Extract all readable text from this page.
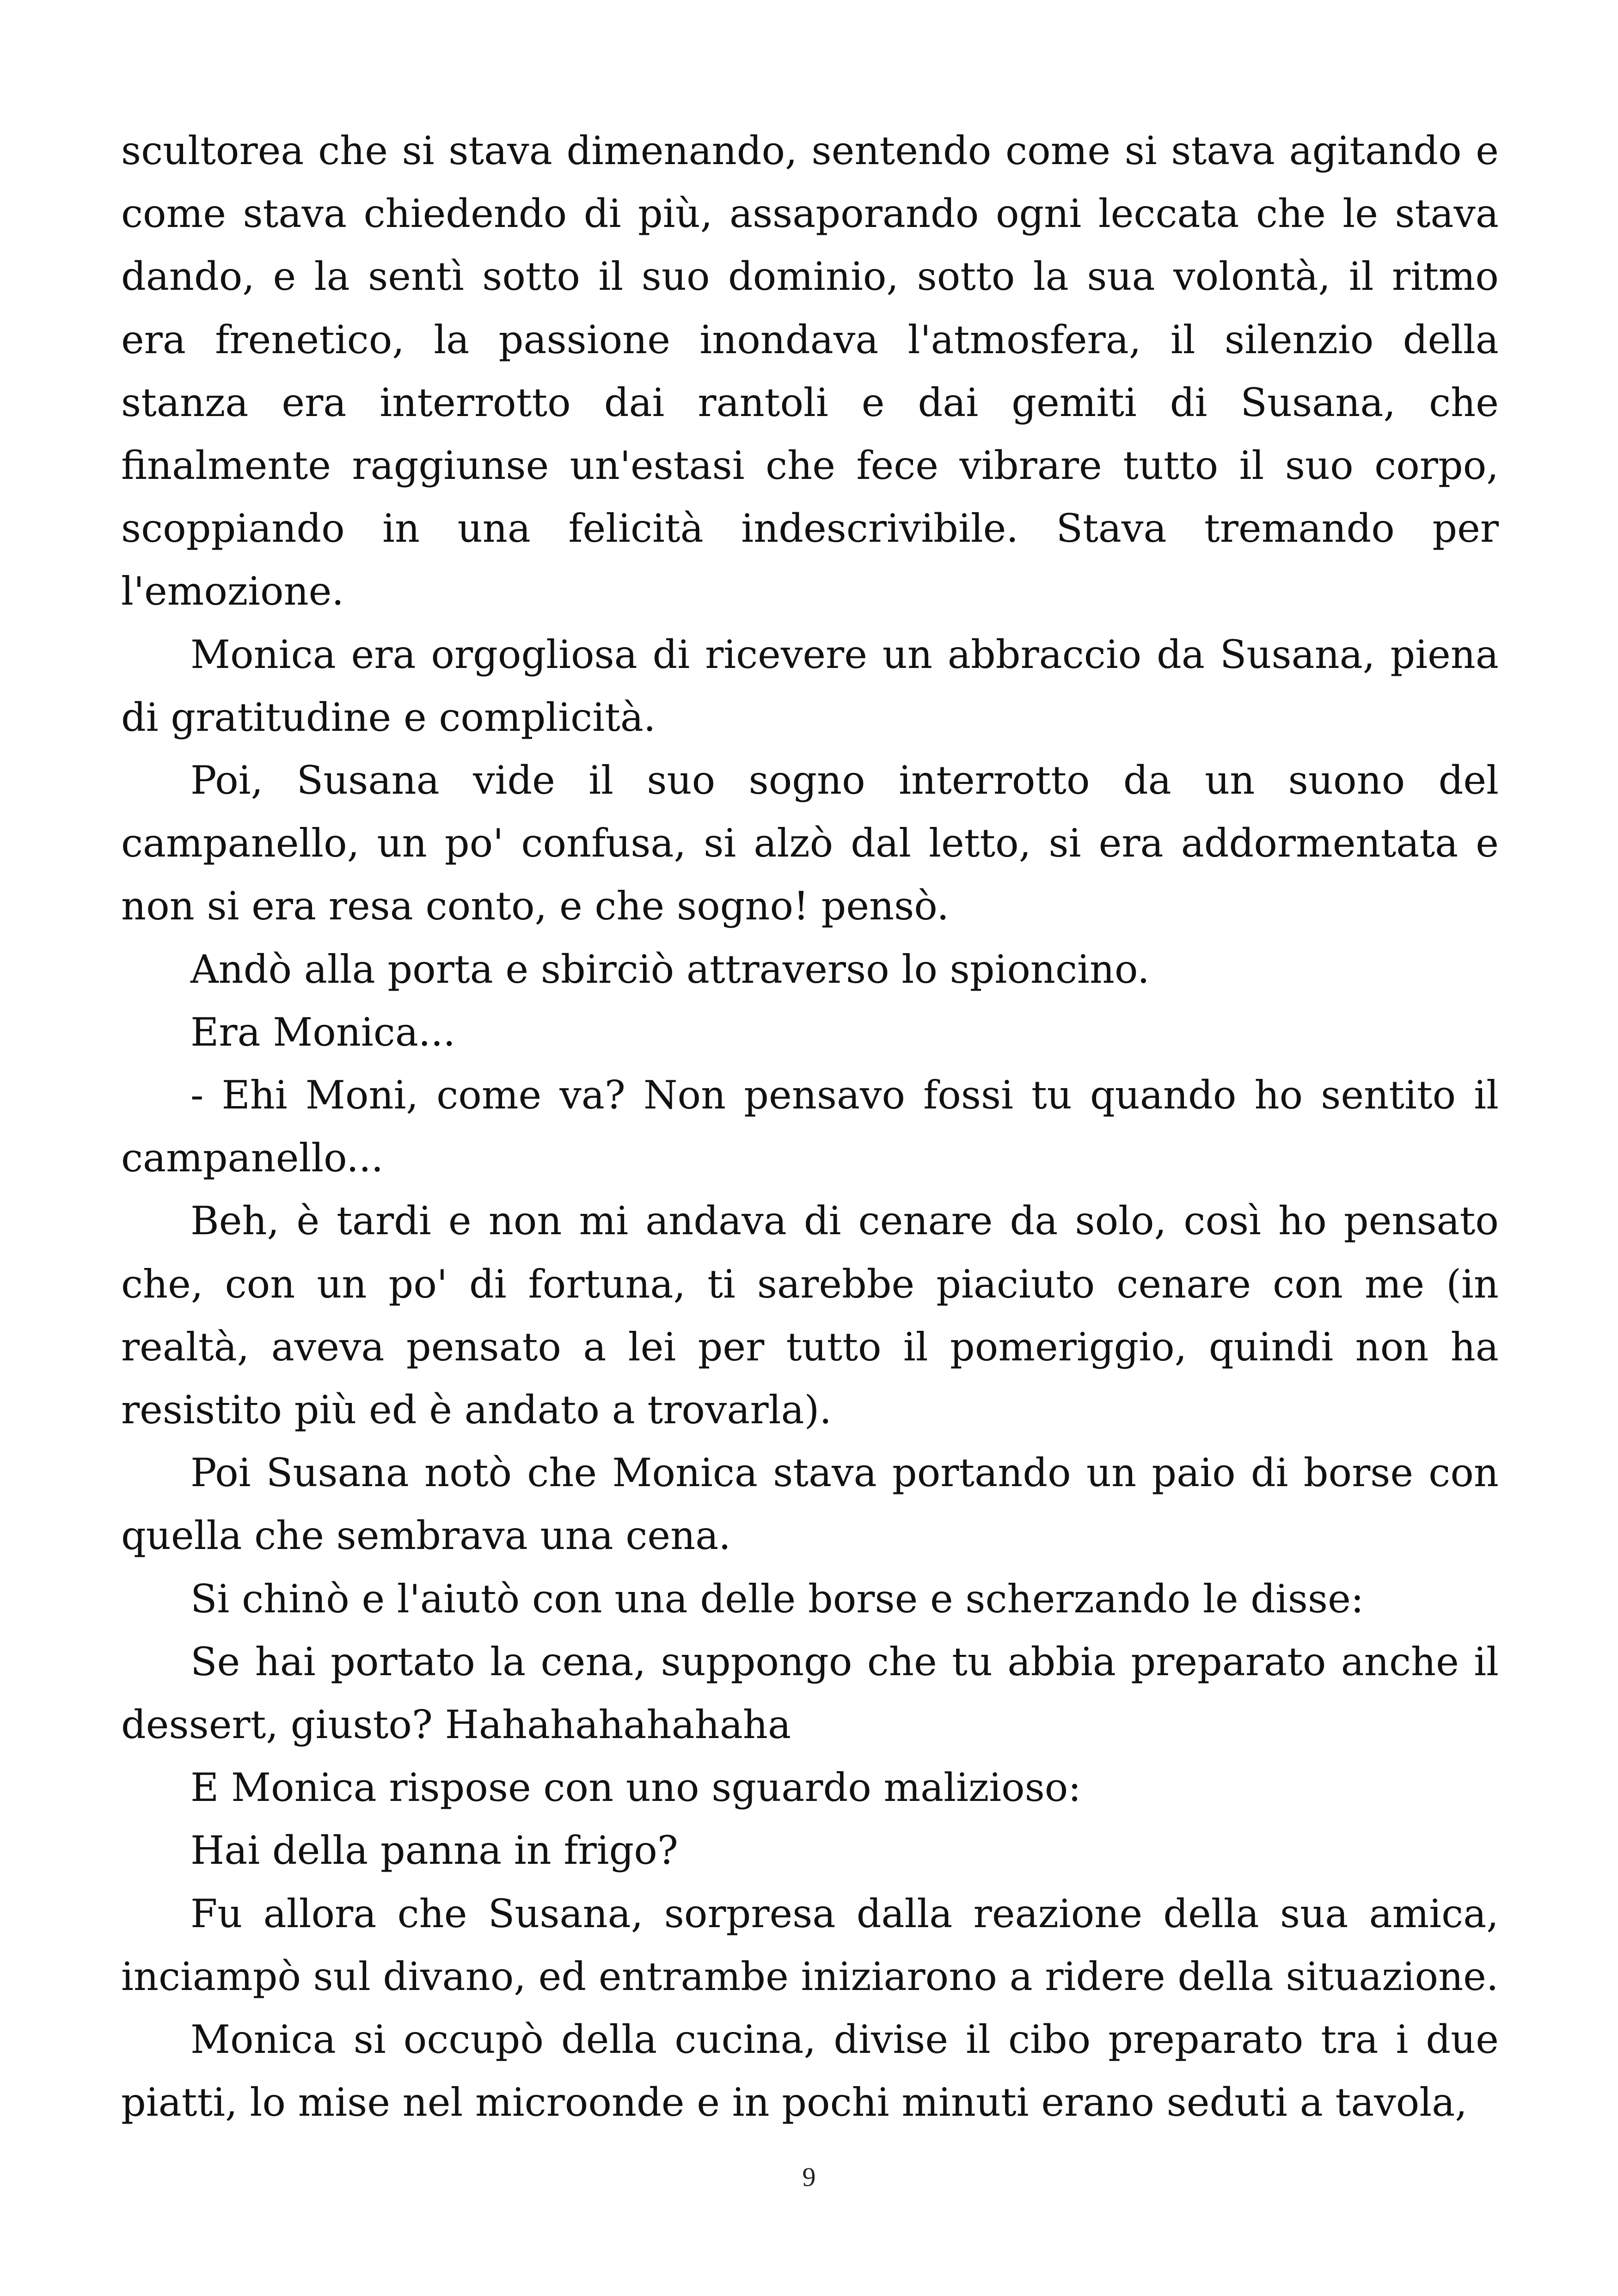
scultorea che si stava dimenando, sentendo come si stava agitando e come stava chiedendo di più, assaporando ogni leccata che le stava dando, e la sentì sotto il suo dominio, sotto la sua volontà, il ritmo era frenetico, la passione inondava l'atmosfera, il silenzio della stanza era interrotto dai rantoli e dai gemiti di Susana, che finalmente raggiunse un'estasi che fece vibrare tutto il suo corpo, scoppiando in una felicità indescrivibile. Stava tremando per l'emozione.

Monica era orgogliosa di ricevere un abbraccio da Susana, piena di gratitudine e complicità.

Poi, Susana vide il suo sogno interrotto da un suono del campanello, un po' confusa, si alzò dal letto, si era addormentata e non si era resa conto, e che sogno! pensò.

Andò alla porta e sbirciò attraverso lo spioncino.

Era Monica...

- Ehi Moni, come va? Non pensavo fossi tu quando ho sentito il campanello...

Beh, è tardi e non mi andava di cenare da solo, così ho pensato che, con un po' di fortuna, ti sarebbe piaciuto cenare con me (in realtà, aveva pensato a lei per tutto il pomeriggio, quindi non ha resistito più ed è andato a trovarla).

Poi Susana notò che Monica stava portando un paio di borse con quella che sembrava una cena.

Si chinò e l'aiutò con una delle borse e scherzando le disse:

Se hai portato la cena, suppongo che tu abbia preparato anche il dessert, giusto? Hahahahahahaha

E Monica rispose con uno sguardo malizioso:

Hai della panna in frigo?

Fu allora che Susana, sorpresa dalla reazione della sua amica, inciampò sul divano, ed entrambe iniziarono a ridere della situazione.

Monica si occupò della cucina, divise il cibo preparato tra i due piatti, lo mise nel microonde e in pochi minuti erano seduti a tavola,

9
